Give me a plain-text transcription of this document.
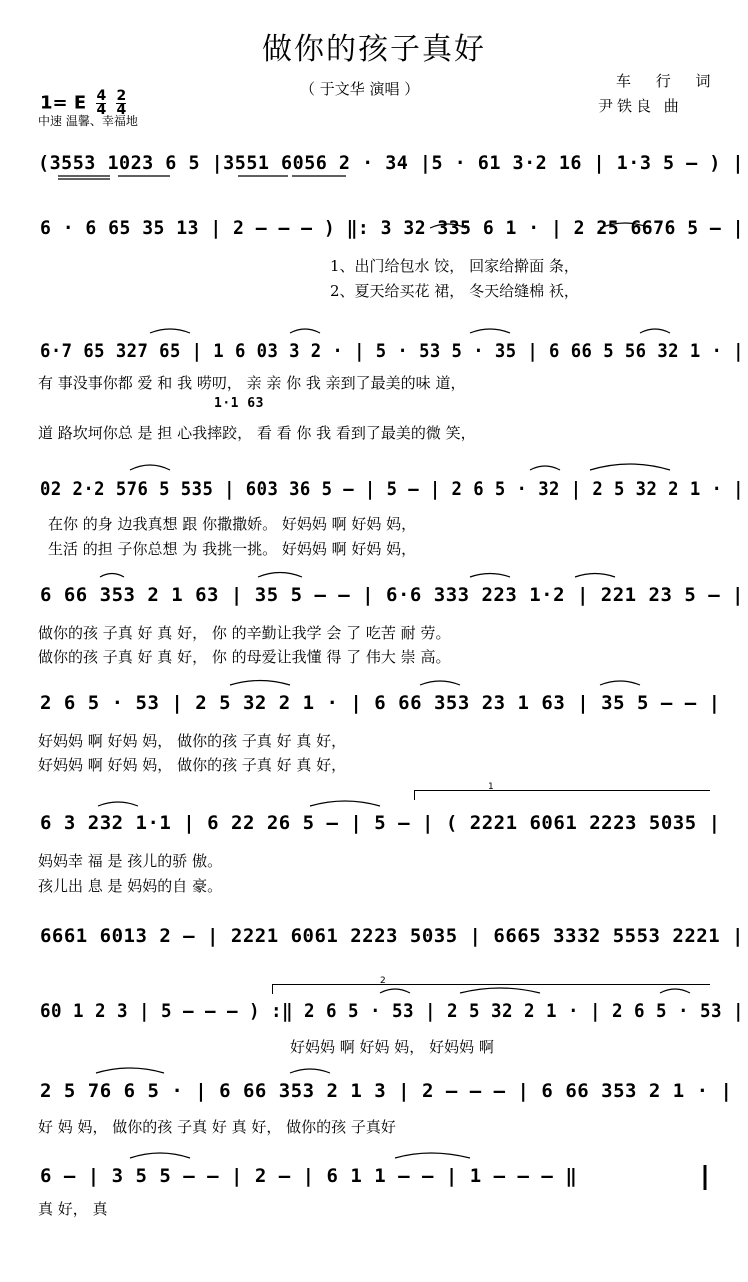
做你的孩子真好
（ 于文华 演唱 ）	车 行 词
尹铁良 曲
1= E $\frac{4}{4}$
$\frac{2}{4}$
中速 温馨、幸福地
(3553 1023 6 5 |3551 6056 2 · 34 |5 · 61 3·2 16 | 1·3 5 – ) |
6 · 6 65 35 13 | 2 – – – ) ‖: 3 32 335 6 1 · | 2 25 6676 5 – |
1、出门给包水 饺， 回家给擀面 条，
2、夏天给买花 裙， 冬天给缝棉 袄，
6·7 65 327 65 | 1 6 03 3 2 · | 5 · 53 5 · 35 | 6 66 5 56 32 1 · |
有 事没事你都 爱 和 我 唠叨， 亲 亲 你 我 亲到了最美的味 道，
1·1 63
道 路坎坷你总 是 担 心我摔跤， 看 看 你 我 看到了最美的微 笑，
02 2·2 576 5 535 | 603 36 5 – | 5 – | 2 6 5 · 32 | 2 5 32 2 1 · |
在你 的身 边我真想 跟 你撒撒娇。 好妈妈 啊 好妈 妈，
生活 的担 子你总想 为 我挑一挑。 好妈妈 啊 好妈 妈，
6 66 353 2 1 63 | 35 5 – – | 6·6 333 223 1·2 | 221 23 5 – |
做你的孩 子真 好 真 好， 你 的辛勤让我学 会 了 吃苦 耐 劳。
做你的孩 子真 好 真 好， 你 的母爱让我懂 得 了 伟大 崇 高。
2 6 5 · 53 | 2 5 32 2 1 · | 6 66 353 23 1 63 | 35 5 – – |
好妈妈 啊 好妈 妈， 做你的孩 子真 好 真 好，
好妈妈 啊 好妈 妈， 做你的孩 子真 好 真 好，
1
6 3 232 1·1 | 6 22 26 5 – | 5 – | ( 2221 6061 2223 5035 |
妈妈幸 福 是 孩儿的骄 傲。
孩儿出 息 是 妈妈的自 豪。
6661 6013 2 – | 2221 6061 2223 5035 | 6665 3332 5553 2221 |
2
60 1 2 3 | 5 – – – ) :‖ 2 6 5 · 53 | 2 5 32 2 1 · | 2 6 5 · 53 |
好妈妈 啊 好妈 妈， 好妈妈 啊
2 5 76 6 5 · | 6 66 353 2 1 3 | 2 – – – | 6 66 353 2 1 · |
好 妈 妈， 做你的孩 子真 好 真 好， 做你的孩 子真好
6 – | 3 5 5 – – | 2 – | 6 1 1 – – | 1 – – – ‖
真 好， 真
